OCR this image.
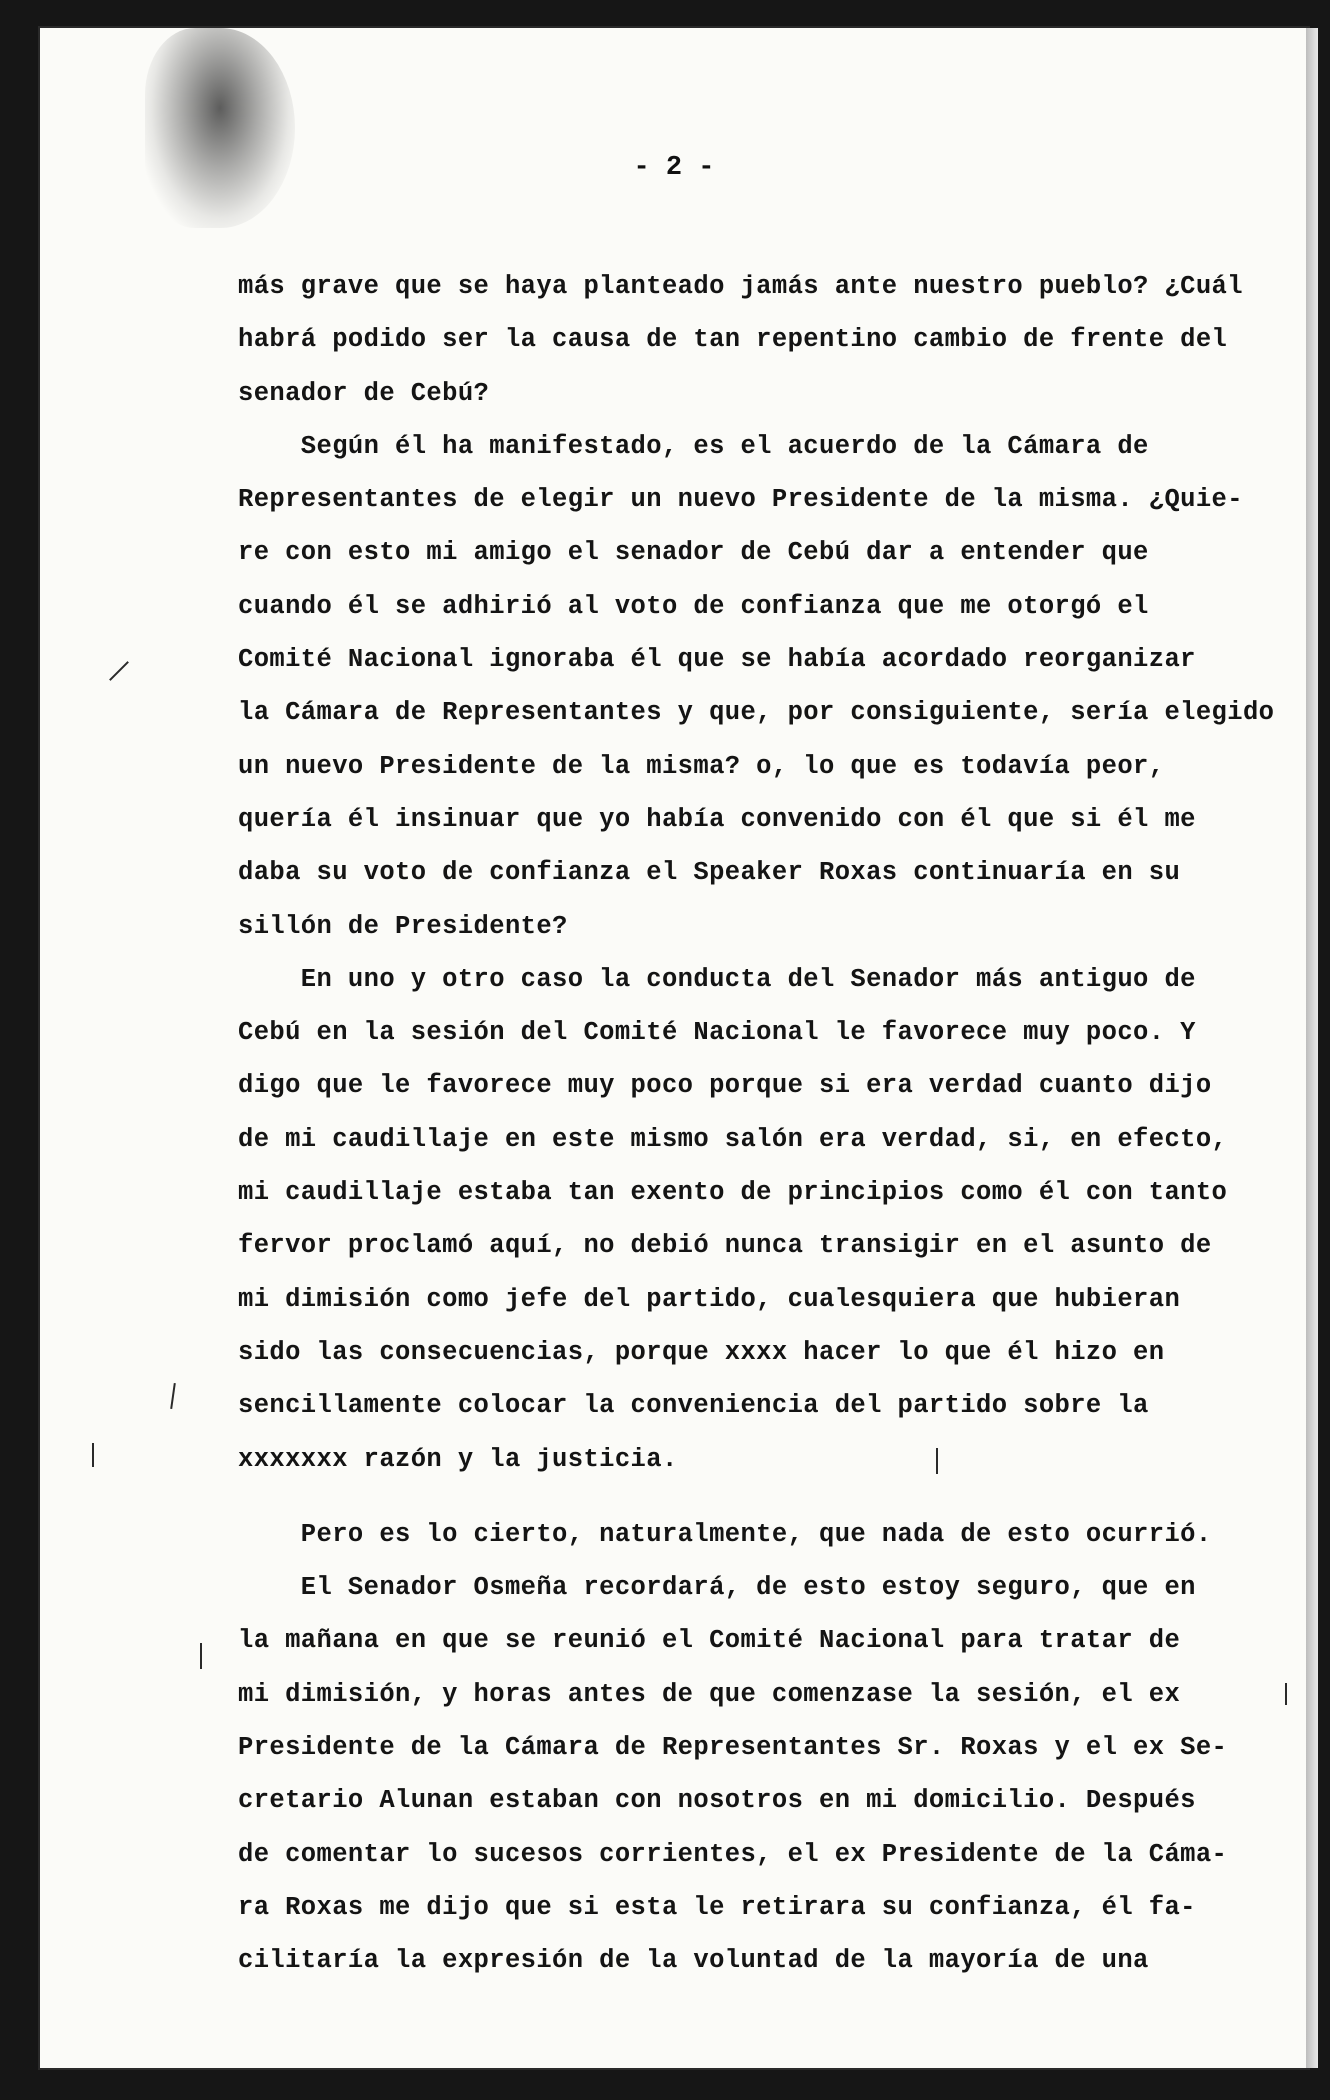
- 2 -
más grave que se haya planteado jamás ante nuestro pueblo? ¿Cuál
habrá podido ser la causa de tan repentino cambio de frente del
senador de Cebú?
Según él ha manifestado, es el acuerdo de la Cámara de
Representantes de elegir un nuevo Presidente de la misma. ¿Quie-
re con esto mi amigo el senador de Cebú dar a entender que
cuando él se adhirió al voto de confianza que me otorgó el
Comité Nacional ignoraba él que se había acordado reorganizar
la Cámara de Representantes y que, por consiguiente, sería elegido
un nuevo Presidente de la misma? o, lo que es todavía peor,
quería él insinuar que yo había convenido con él que si él me
daba su voto de confianza el Speaker Roxas continuaría en su
sillón de Presidente?
En uno y otro caso la conducta del Senador más antiguo de
Cebú en la sesión del Comité Nacional le favorece muy poco. Y
digo que le favorece muy poco porque si era verdad cuanto dijo
de mi caudillaje en este mismo salón era verdad, si, en efecto,
mi caudillaje estaba tan exento de principios como él con tanto
fervor proclamó aquí, no debió nunca transigir en el asunto de
mi dimisión como jefe del partido, cualesquiera que hubieran
sido las consecuencias, porque xxxx hacer lo que él hizo en
sencillamente colocar la conveniencia del partido sobre la
xxxxxxx razón y la justicia.
Pero es lo cierto, naturalmente, que nada de esto ocurrió.
El Senador Osmeña recordará, de esto estoy seguro, que en
la mañana en que se reunió el Comité Nacional para tratar de
mi dimisión, y horas antes de que comenzase la sesión, el ex
Presidente de la Cámara de Representantes Sr. Roxas y el ex Se-
cretario Alunan estaban con nosotros en mi domicilio. Después
de comentar lo sucesos corrientes, el ex Presidente de la Cáma-
ra Roxas me dijo que si esta le retirara su confianza, él fa-
cilitaría la expresión de la voluntad de la mayoría de una
